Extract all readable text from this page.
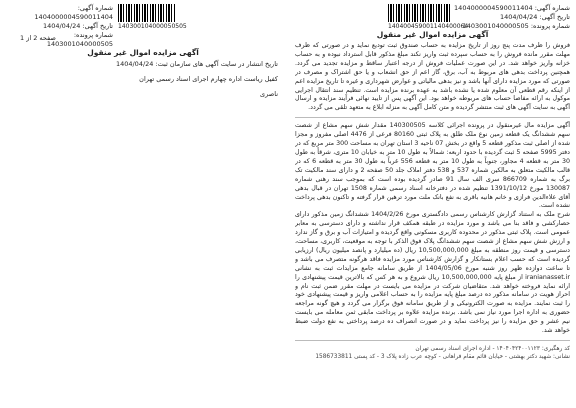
شماره آگهی: 1404000004590011404
تاریخ آگهی: 1404/04/24
شماره پرونده: 1403001040000505
140400459001140400064
140300104000050505
شماره آگهی: 1404000004590011404
تاریخ آگهی: 1404/04/24
شماره پرونده: 1403001040000505
صفحه 2 از 1	آگهی مزایده اموال غیر منقول

فروش را ظرف مدت پنج روز از تاریخ مزایده به حساب صندوق ثبت تودیع نماید و در صورتی که ظرف مهلت مقرر مانده فروش را به حساب سپرده ثبت واریز نکند مبلغ مذکور قابل استرداد نبوده و به حساب خزانه واریز خواهد شد. در این صورت عملیات فروش از درجه اعتبار ساقط و مزایده تجدید می گردد. همچنین پرداخت بدهی های مربوط به آب، برق، گاز اعم از حق انشعاب و یا حق اشتراک و مصرف در صورتی که مورد مزایده دارای آنها باشد و نیز بدهی مالیاتی و عوارض شهرداری و غیره تا تاریخ مزایده اعم از اینکه رقم قطعی آن معلوم شده یا نشده باشد به عهده برنده مزایده است. تنظیم سند انتقال اجرایی موکول به ارائه مفاصا حساب های مربوطه خواهد بود. این آگهی پس از تایید نهائی فرآیند مزایده و ارسال آگهی به سایت آگهی های ثبت منتشر گردیده و متن کامل آگهی به منزله ابلاغ به متعهد تلقی می گردد.

آگهی مزایده مال غیرمنقول در پرونده اجرائی کلاسه 140300505 مقدار شش سهم مشاع از شصت سهم ششدانگ یک قطعه زمین نوع ملک طلق به پلاک ثبتی 80160 فرعی از 4476 اصلی مفروز و مجزا شده از اصلی ثبت مذکور قطعه 5 واقع در بخش 07 ناحیه 3 استان تهران به مساحت 300 متر مربع که در دفتر 5995 صفحه 5 ثبت گردیده با حدود اربعه: شمالاً به طول 10 متر به خیابان 10 متری، شرقاً به طول 30 متر به قطعه 4 مجاور، جنوباً به طول 10 متر به قطعه 556 غرباً به طول 30 متر به قطعه 6 که در قالب مالکیت متعلق به مالکین شماره 537 و 538 دفتر املاک جلد 50 صفحه 2 و دارای سند مالکیت تک برگ به شماره 866709 سری الف سال 91 صادر گردیده بوده است که بموجب سند رهنی شماره 130087 مورخ 1391/10/12 تنظیم شده در دفترخانه اسناد رسمی شماره 1508 تهران در قبال بدهی آقای علاءالدین فرازی و خانم هانیه باقری به نفع بانک ملت مورد ترهین قرار گرفته و تاکنون بدهی پرداخت نشده است.

شرح ملک به استناد گزارش کارشناس رسمی دادگستری مورخ 1404/2/26 ششدانگ زمین مذکور دارای حصارکشی و فاقد بنا می باشد و مورد مزایده در طبقه همکف قرار نداشته و دارای دسترسی به معابر عمومی است. پلاک ثبتی مذکور در محدوده کاربری مسکونی واقع گردیده و امتیازات آب و برق و گاز ندارد و ارزش شش سهم مشاع از شصت سهم ششدانگ پلاک فوق الذکر با توجه به موقعیت، کاربری، مساحت، دسترسی و قیمت روز منطقه به مبلغ 10,500,000,000 ریال (ده میلیارد و پانصد میلیون ریال) ارزیابی گردیده است که حسب اعلام بستانکار و گزارش کارشناس مورد مزایده فاقد هرگونه متصرف می باشد و تا ساعت دوازده ظهر روز شنبه مورخ 1404/05/06 از طریق سامانه جامع مزایدات ثبت به نشانی iranianasset.ir از مبلغ پایه 10,500,000,000 ریال شروع و به هر کس که بالاترین قیمت پیشنهادی را ارائه نماید فروخته خواهد شد. متقاضیان شرکت در مزایده می بایست در مهلت مقرر ضمن ثبت نام و احراز هویت در سامانه مذکور ده درصد مبلغ پایه مزایده را به حساب اعلامی واریز و قیمت پیشنهادی خود را ثبت نمایند. مزایده به صورت الکترونیکی و از طریق سامانه فوق برگزار می گردد و هیچ گونه مراجعه حضوری به اداره اجرا مورد نیاز نمی باشد. برنده مزایده علاوه بر پرداخت مابقی ثمن معامله می بایست نیم عشر و حق مزایده را نیز پرداخت نماید و در صورت انصراف ده درصد پرداختی به نفع دولت ضبط خواهد شد.

کد رهگیری: ۱۴۰۴۰۴۲۴۰۰۱۱۲۳ - اداره اجرای اسناد رسمی تهران

نشانی: شهید دکتر بهشتی - خیابان قائم مقام فراهانی - کوچه عرب زاده پلاک 3 - کد پستی 1586733811

آگهی مزایده اموال غیر منقول

تاریخ انتشار در سایت آگهی های سازمان ثبت: 1404/04/24

کفیل ریاست اداره چهارم اجرای اسناد رسمی تهران

ناصری
